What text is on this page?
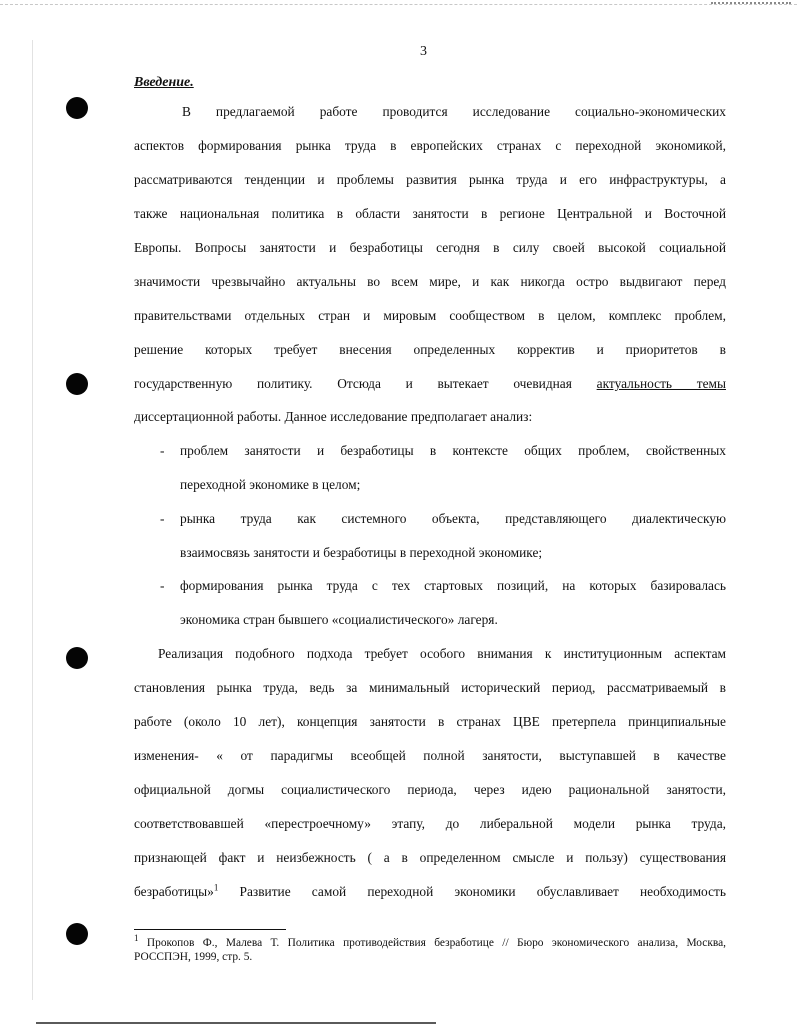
3
Введение.
В предлагаемой работе проводится исследование социально-экономических
аспектов формирования рынка труда в европейских странах с переходной экономикой,
рассматриваются тенденции и проблемы развития рынка труда и его инфраструктуры, а
также национальная политика в области занятости в регионе Центральной и Восточной
Европы. Вопросы занятости и безработицы сегодня в силу своей высокой социальной
значимости чрезвычайно актуальны во всем мире, и как никогда остро выдвигают перед
правительствами отдельных стран и мировым сообществом в целом, комплекс проблем,
решение которых требует внесения определенных корректив и приоритетов в
государственную политику. Отсюда и вытекает очевидная актуальность темы
диссертационной работы. Данное исследование предполагает анализ:
- проблем занятости и безработицы в контексте общих проблем, свойственных
переходной экономике в целом;
- рынка труда как системного объекта, представляющего диалектическую
взаимосвязь занятости и безработицы в переходной экономике;
- формирования рынка труда с тех стартовых позиций, на которых базировалась
экономика стран бывшего «социалистического» лагеря.
Реализация подобного подхода требует особого внимания к институционным аспектам
становления рынка труда, ведь за минимальный исторический период, рассматриваемый в
работе (около 10 лет), концепция занятости в странах ЦВЕ претерпела принципиальные
изменения- « от парадигмы всеобщей полной занятости, выступавшей в качестве
официальной догмы социалистического периода, через идею рациональной занятости,
соответствовавшей «перестроечному» этапу, до либеральной модели рынка труда,
признающей факт и неизбежность ( а в определенном смысле и пользу) существования
безработицы»$^1$ Развитие самой переходной экономики обуславливает необходимость
$^1$ Прокопов Ф., Малева Т. Политика противодействия безработице // Бюро экономического анализа, Москва,
РОССПЭН, 1999, стр. 5.
